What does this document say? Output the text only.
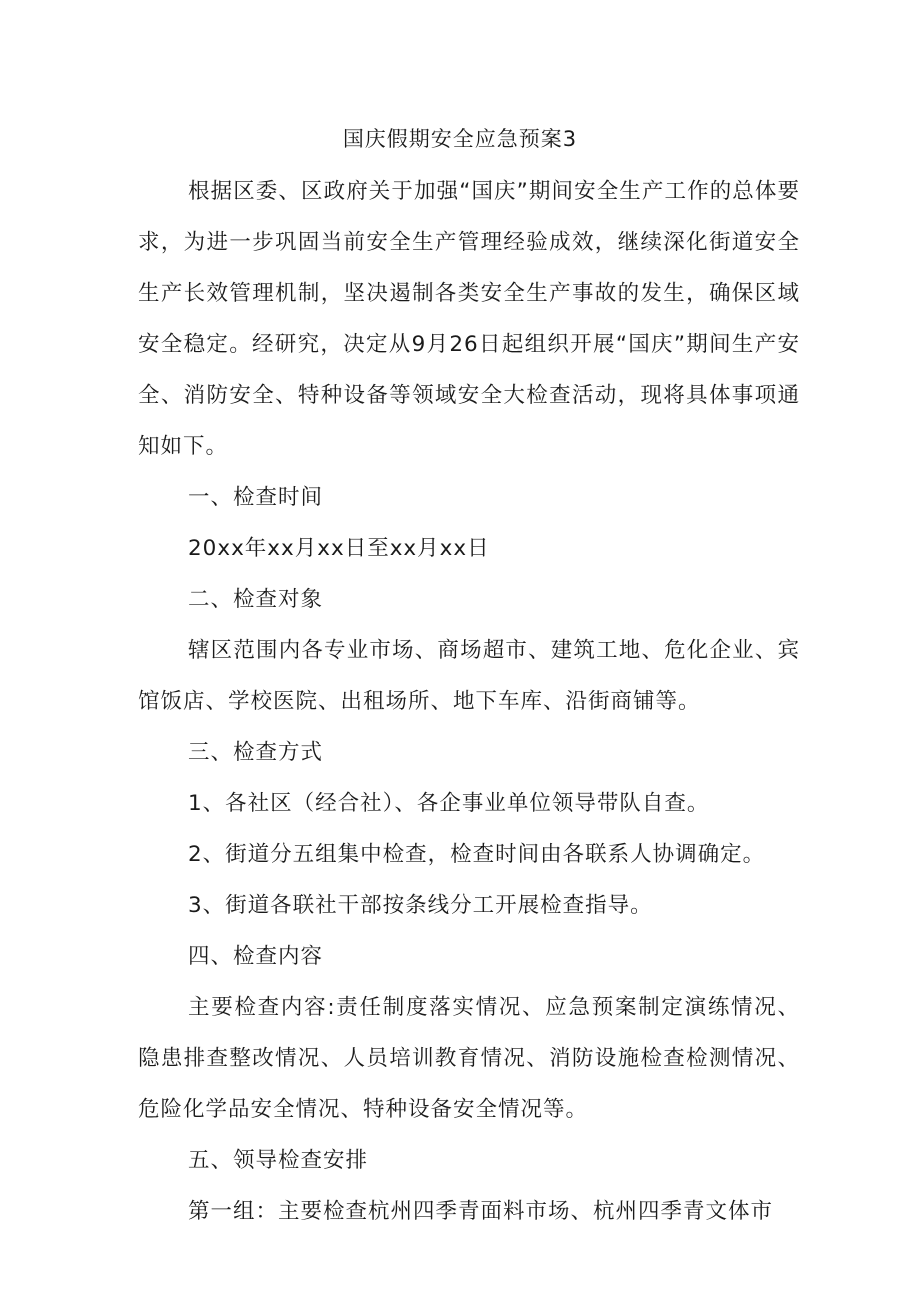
国庆假期安全应急预案3

根据区委、区政府关于加强“国庆”期间安全生产工作的总体要求，为进一步巩固当前安全生产管理经验成效，继续深化街道安全生产长效管理机制，坚决遏制各类安全生产事故的发生，确保区域安全稳定。经研究，决定从9月26日起组织开展“国庆”期间生产安全、消防安全、特种设备等领域安全大检查活动，现将具体事项通知如下。

一、检查时间

20xx年xx月xx日至xx月xx日

二、检查对象

辖区范围内各专业市场、商场超市、建筑工地、危化企业、宾馆饭店、学校医院、出租场所、地下车库、沿街商铺等。

三、检查方式

1、各社区（经合社）、各企事业单位领导带队自查。

2、街道分五组集中检查，检查时间由各联系人协调确定。

3、街道各联社干部按条线分工开展检查指导。

四、检查内容

主要检查内容:责任制度落实情况、应急预案制定演练情况、隐患排查整改情况、人员培训教育情况、消防设施检查检测情况、危险化学品安全情况、特种设备安全情况等。

五、领导检查安排

第一组：主要检查杭州四季青面料市场、杭州四季青文体市
